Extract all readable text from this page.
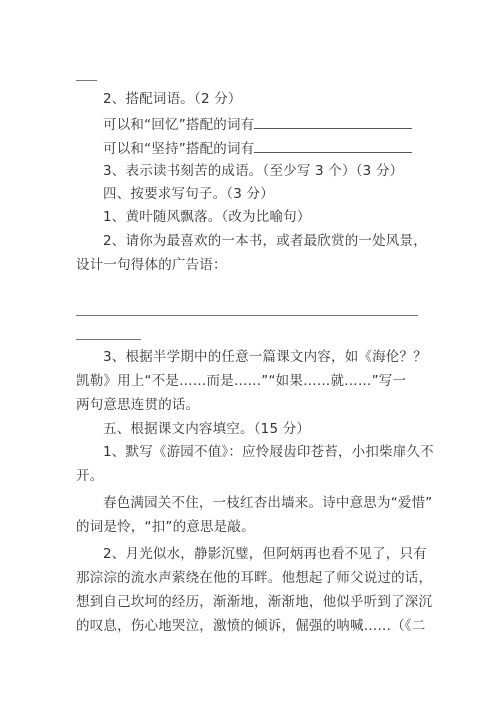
2、搭配词语。（2 分）
可以和“回忆”搭配的词有
可以和“坚持”搭配的词有
3、表示读书刻苦的成语。（至少写 3 个）（3 分）
四、按要求写句子。（3 分）
1、黄叶随风飘落。（改为比喻句）
2、请你为最喜欢的一本书，或者最欣赏的一处风景，
设计一句得体的广告语：
3、根据半学期中的任意一篇课文内容，如《海伦？？
凯勒》用上“不是……而是……”“如果……就……”写一
两句意思连贯的话。
五、根据课文内容填空。（15 分）
1、默写《游园不值》：应怜屐齿印苍苔，小扣柴扉久不
开。
春色满园关不住，一枝红杏出墙来。诗中意思为“爱惜”
的词是怜，“扣”的意思是敲。
2、月光似水，静影沉璧，但阿炳再也看不见了，只有
那淙淙的流水声萦绕在他的耳畔。他想起了师父说过的话，
想到自己坎坷的经历，渐渐地，渐渐地，他似乎听到了深沉
的叹息，伤心地哭泣，激愤的倾诉，倔强的呐喊……（《二
